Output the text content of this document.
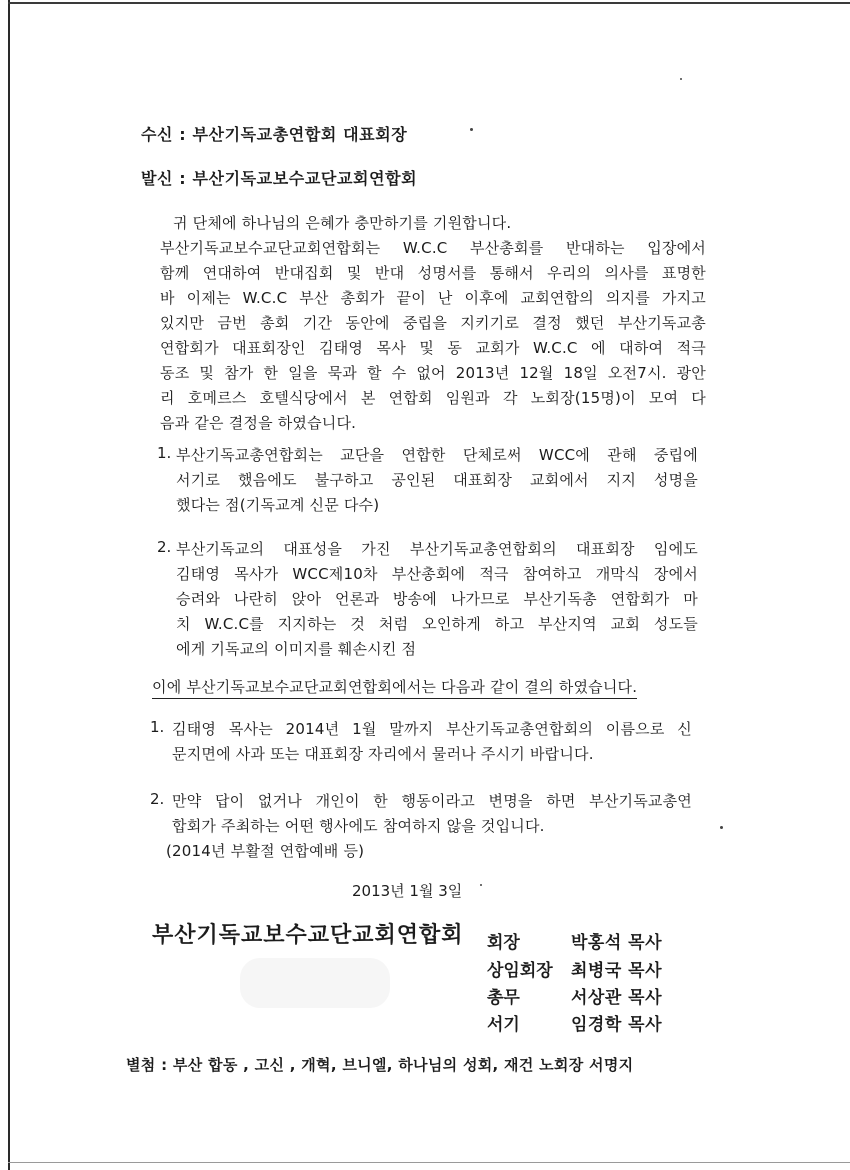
수신 : 부산기독교총연합회 대표회장

발신 : 부산기독교보수교단교회연합회

귀 단체에 하나님의 은혜가 충만하기를 기원합니다.

부산기독교보수교단교회연합회는 W.C.C 부산총회를 반대하는 입장에서

함께 연대하여 반대집회 및 반대 성명서를 통해서 우리의 의사를 표명한

바 이제는 W.C.C 부산 총회가 끝이 난 이후에 교회연합의 의지를 가지고

있지만 금번 총회 기간 동안에 중립을 지키기로 결정 했던 부산기독교총

연합회가 대표회장인 김태영 목사 및 동 교회가 W.C.C 에 대하여 적극

동조 및 참가 한 일을 묵과 할 수 없어 2013년 12월 18일 오전7시. 광안

리 호메르스 호텔식당에서 본 연합회 임원과 각 노회장(15명)이 모여 다

음과 같은 결정을 하였습니다.

1. 부산기독교총연합회는 교단을 연합한 단체로써 WCC에 관해 중립에

서기로 했음에도 불구하고 공인된 대표회장 교회에서 지지 성명을

했다는 점(기독교계 신문 다수)

2. 부산기독교의 대표성을 가진 부산기독교총연합회의 대표회장 임에도

김태영 목사가 WCC제10차 부산총회에 적극 참여하고 개막식 장에서

승려와 나란히 앉아 언론과 방송에 나가므로 부산기독총 연합회가 마

치 W.C.C를 지지하는 것 처럼 오인하게 하고 부산지역 교회 성도들

에게 기독교의 이미지를 훼손시킨 점

이에 부산기독교보수교단교회연합회에서는 다음과 같이 결의 하였습니다.

1. 김태영 목사는 2014년 1월 말까지 부산기독교총연합회의 이름으로 신

문지면에 사과 또는 대표회장 자리에서 물러나 주시기 바랍니다.

2. 만약 답이 없거나 개인이 한 행동이라고 변명을 하면 부산기독교총연

합회가 주최하는 어떤 행사에도 참여하지 않을 것입니다.

(2014년 부활절 연합예배 등)

2013년 1월 3일
부산기독교보수교단교회연합회 회장	박홍석 목사
상임회장	최병국 목사
총무	서상관 목사
서기	임경학 목사
별첨 : 부산 합동 , 고신 , 개혁, 브니엘, 하나님의 성회, 재건 노회장 서명지
